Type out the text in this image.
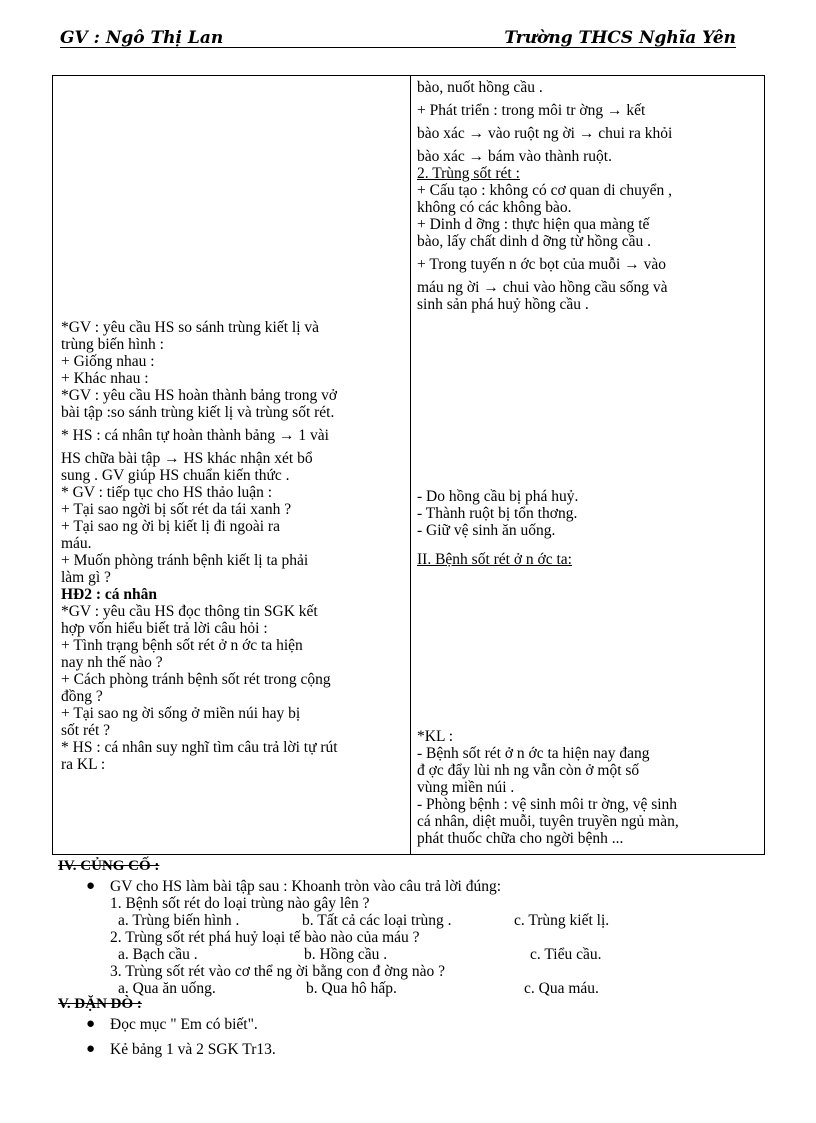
GV : Ngô Thị Lan	Trường THCS Nghĩa Yên
*GV : yêu cầu HS so sánh trùng kiết lị và
trùng biến hình :
+ Giống nhau :
+ Khác nhau :
*GV : yêu cầu HS hoàn thành bảng trong vở
bài tập :so sánh trùng kiết lị và trùng sốt rét.
* HS : cá nhân tự hoàn thành bảng → 1 vài
HS chữa bài tập → HS khác nhận xét bổ
sung . GV giúp HS chuẩn kiến thức .
* GV : tiếp tục cho HS thảo luận :
+ Tại sao ngời bị sốt rét da tái xanh ?
+ Tại sao ng ời bị kiết lị đi ngoài ra
máu.
+ Muốn phòng tránh bệnh kiết lị ta phải
làm gì ?
HĐ2 : cá nhân
*GV : yêu cầu HS đọc thông tin SGK kết
hợp vốn hiểu biết trả lời câu hỏi :
+ Tình trạng bệnh sốt rét ở n ớc ta hiện
nay nh thế nào ?
+ Cách phòng tránh bệnh sốt rét trong cộng
đồng ?
+ Tại sao ng ời sống ở miền núi hay bị
sốt rét ?
* HS : cá nhân suy nghĩ tìm câu trả lời tự rút
ra KL :
bào, nuốt hồng cầu .
+ Phát triển : trong môi tr ờng → kết
bào xác → vào ruột ng ời → chui ra khỏi
bào xác → bám vào thành ruột.
2. Trùng sốt rét :
+ Cấu tạo : không có cơ quan di chuyển ,
không có các không bào.
+ Dinh d ỡng : thực hiện qua màng tế
bào, lấy chất dinh d ỡng từ hồng cầu .
+ Trong tuyến n ớc bọt của muỗi → vào
máu ng ời → chui vào hồng cầu sống và
sinh sản phá huỷ hồng cầu .
- Do hồng cầu bị phá huỷ.
- Thành ruột bị tổn thơng.
- Giữ vệ sinh ăn uống.
II. Bệnh sốt rét ở n ớc ta:
*KL :
- Bệnh sốt rét ở n ớc ta hiện nay đang
đ ợc đẩy lùi nh ng vẫn còn ở một số
vùng miền núi .
- Phòng bệnh : vệ sinh môi tr ờng, vệ sinh
cá nhân, diệt muỗi, tuyên truyền ngủ màn,
phát thuốc chữa cho ngời bệnh ...
IV. CỦNG CỐ :
● GV cho HS làm bài tập sau : Khoanh tròn vào câu trả lời đúng:
1. Bệnh sốt rét do loại trùng nào gây lên ?
a. Trùng biến hình .	b. Tất cả các loại trùng .	c. Trùng kiết lị.
2. Trùng sốt rét phá huỷ loại tế bào nào của máu ?
a. Bạch cầu .	b. Hồng cầu .	c. Tiểu cầu.
3. Trùng sốt rét vào cơ thể ng ời bằng con đ ờng nào ?
a. Qua ăn uống.	b. Qua hô hấp.	c. Qua máu.
V. DẶN DÒ :
● Đọc mục " Em có biết".
● Kẻ bảng 1 và 2 SGK Tr13.
